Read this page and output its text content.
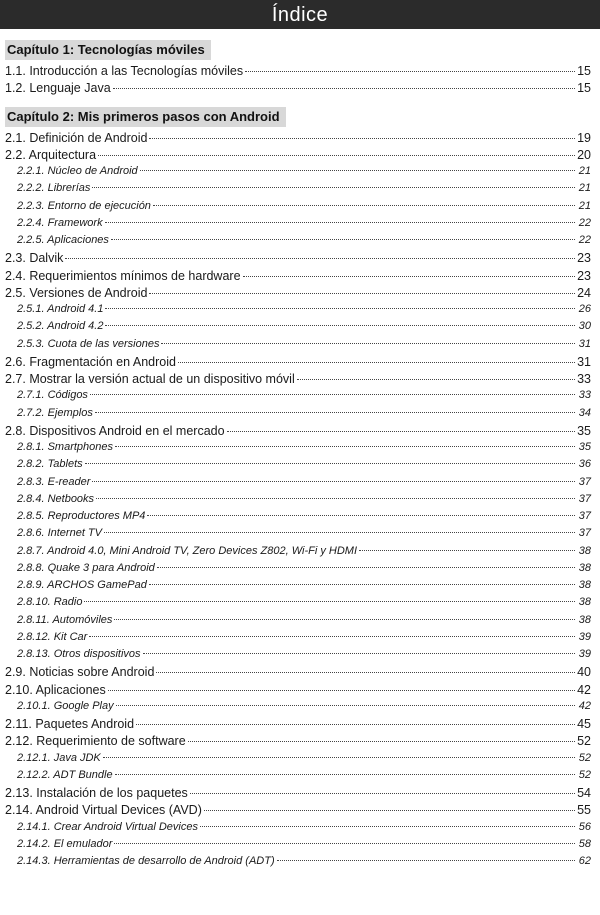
Índice
Capítulo 1: Tecnologías móviles
1.1. Introducción a las Tecnologías móviles	15
1.2. Lenguaje Java	15
Capítulo 2: Mis primeros pasos con Android
2.1. Definición de Android	19
2.2. Arquitectura	20
2.2.1. Núcleo de Android	21
2.2.2. Librerías	21
2.2.3. Entorno de ejecución	21
2.2.4. Framework	22
2.2.5. Aplicaciones	22
2.3. Dalvik	23
2.4. Requerimientos mínimos de hardware	23
2.5. Versiones de Android	24
2.5.1. Android 4.1	26
2.5.2. Android 4.2	30
2.5.3. Cuota de las versiones	31
2.6. Fragmentación en Android	31
2.7. Mostrar la versión actual de un dispositivo móvil	33
2.7.1. Códigos	33
2.7.2. Ejemplos	34
2.8. Dispositivos Android en el mercado	35
2.8.1. Smartphones	35
2.8.2. Tablets	36
2.8.3. E-reader	37
2.8.4. Netbooks	37
2.8.5. Reproductores MP4	37
2.8.6. Internet TV	37
2.8.7. Android 4.0, Mini Android TV, Zero Devices Z802, Wi-Fi y HDMI	38
2.8.8. Quake 3 para Android	38
2.8.9. ARCHOS GamePad	38
2.8.10. Radio	38
2.8.11. Automóviles	38
2.8.12. Kit Car	39
2.8.13. Otros dispositivos	39
2.9. Noticias sobre Android	40
2.10. Aplicaciones	42
2.10.1. Google Play	42
2.11. Paquetes Android	45
2.12. Requerimiento de software	52
2.12.1. Java JDK	52
2.12.2. ADT Bundle	52
2.13. Instalación de los paquetes	54
2.14. Android Virtual Devices (AVD)	55
2.14.1. Crear Android Virtual Devices	56
2.14.2. El emulador	58
2.14.3. Herramientas de desarrollo de Android (ADT)	62
